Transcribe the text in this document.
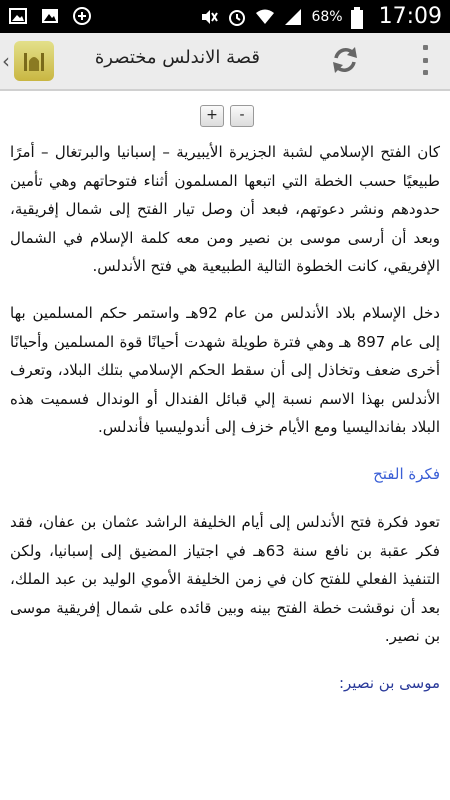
68% 17:09
‹	قصة الاندلس مختصرة
+	-

كان الفتح الإسلامي لشبة الجزيرة الأيبيرية – إسبانيا والبرتغال – أمرًا طبيعيًا حسب الخطة التي اتبعها المسلمون أثناء فتوحاتهم وهي تأمين حدودهم ونشر دعوتهم، فبعد أن وصل تيار الفتح إلى شمال إفريقية، وبعد أن أرسى موسى بن نصير ومن معه كلمة الإسلام في الشمال الإفريقي، كانت الخطوة التالية الطبيعية هي فتح الأندلس.

دخل الإسلام بلاد الأندلس من عام 92هـ واستمر حكم المسلمين بها إلى عام 897 هـ وهي فترة طويلة شهدت أحيانًا قوة المسلمين وأحيانًا أخرى ضعف وتخاذل إلى أن سقط الحكم الإسلامي بتلك البلاد، وتعرف الأندلس بهذا الاسم نسبة إلي قبائل الفندال أو الوندال فسميت هذه البلاد بفانداليسيا ومع الأيام خزف إلى أندوليسيا فأندلس.

فكرة الفتح

تعود فكرة فتح الأندلس إلى أيام الخليفة الراشد عثمان بن عفان، فقد فكر عقبة بن نافع سنة 63هـ في اجتياز المضيق إلى إسبانيا، ولكن التنفيذ الفعلي للفتح كان في زمن الخليفة الأموي الوليد بن عبد الملك، بعد أن نوقشت خطة الفتح بينه وبين قائده على شمال إفريقية موسى بن نصير.

موسى بن نصير:
